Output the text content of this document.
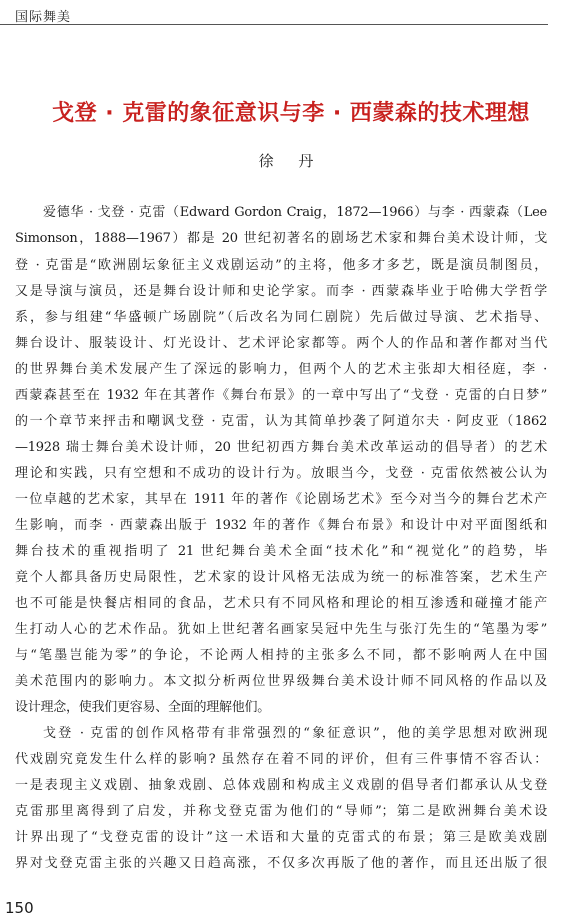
国际舞美
戈登 · 克雷的象征意识与李 · 西蒙森的技术理想
徐 丹
爱德华 · 戈登 · 克雷（Edward Gordon Craig，1872—1966）与李 · 西蒙森（Lee
Simonson，1888—1967）都是 20 世纪初著名的剧场艺术家和舞台美术设计师，戈
登 · 克雷是“欧洲剧坛象征主义戏剧运动”的主将，他多才多艺，既是演员制图员，
又是导演与演员，还是舞台设计师和史论学家。而李 · 西蒙森毕业于哈佛大学哲学
系，参与组建“华盛顿广场剧院”（后改名为同仁剧院）先后做过导演、艺术指导、
舞台设计、服装设计、灯光设计、艺术评论家都等。两个人的作品和著作都对当代
的世界舞台美术发展产生了深远的影响力，但两个人的艺术主张却大相径庭，李 ·
西蒙森甚至在 1932 年在其著作《舞台布景》的一章中写出了“戈登 · 克雷的白日梦”
的一个章节来抨击和嘲讽戈登 · 克雷，认为其简单抄袭了阿道尔夫 · 阿皮亚（1862
—1928 瑞士舞台美术设计师，20 世纪初西方舞台美术改革运动的倡导者）的艺术
理论和实践，只有空想和不成功的设计行为。放眼当今，戈登 · 克雷依然被公认为
一位卓越的艺术家，其早在 1911 年的著作《论剧场艺术》至今对当今的舞台艺术产
生影响，而李 · 西蒙森出版于 1932 年的著作《舞台布景》和设计中对平面图纸和
舞台技术的重视指明了 21 世纪舞台美术全面“技术化”和“视觉化”的趋势，毕
竟个人都具备历史局限性，艺术家的设计风格无法成为统一的标准答案，艺术生产
也不可能是快餐店相同的食品，艺术只有不同风格和理论的相互渗透和碰撞才能产
生打动人心的艺术作品。犹如上世纪著名画家吴冠中先生与张汀先生的“笔墨为零”
与“笔墨岂能为零”的争论，不论两人相持的主张多么不同，都不影响两人在中国
美术范围内的影响力。本文拟分析两位世界级舞台美术设计师不同风格的作品以及
设计理念，使我们更容易、全面的理解他们。
戈登 · 克雷的创作风格带有非常强烈的“象征意识”，他的美学思想对欧洲现
代戏剧究竟发生什么样的影响? 虽然存在着不同的评价，但有三件事情不容否认：
一是表现主义戏剧、抽象戏剧、总体戏剧和构成主义戏剧的倡导者们都承认从戈登
克雷那里离得到了启发，并称戈登克雷为他们的“导师”；第二是欧洲舞台美术设
计界出现了“戈登克雷的设计”这一术语和大量的克雷式的布景；第三是欧美戏剧
界对戈登克雷主张的兴趣又日趋高涨，不仅多次再版了他的著作，而且还出版了很
150
